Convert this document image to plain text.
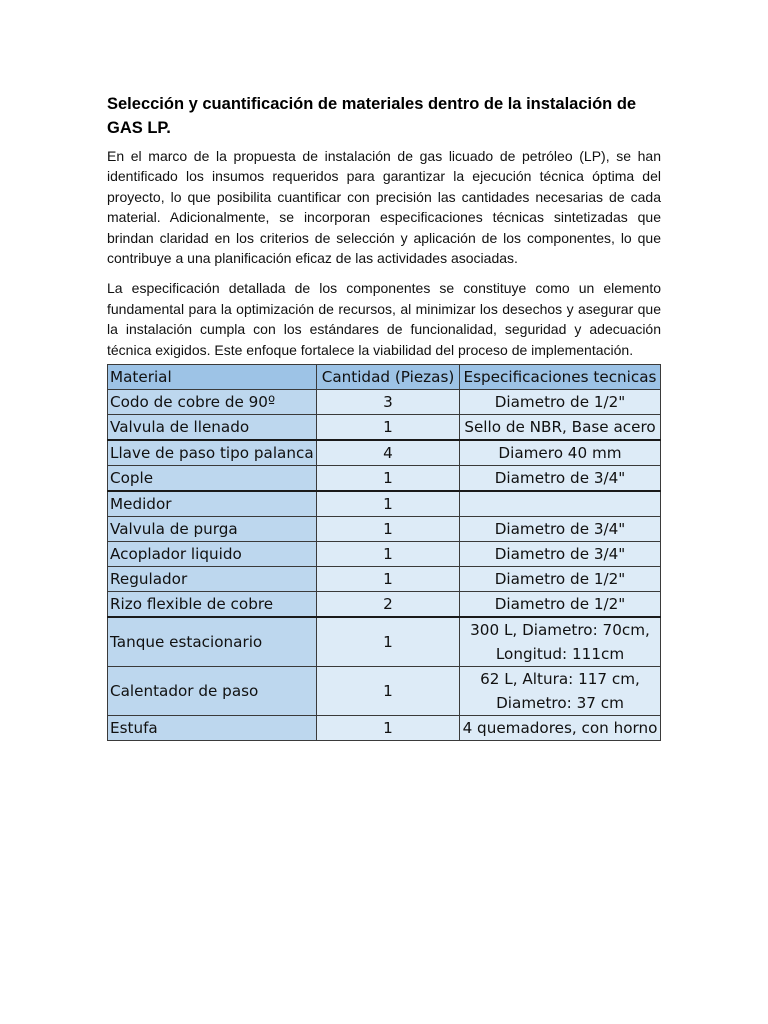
Selección y cuantificación de materiales dentro de la instalación de GAS LP.

En el marco de la propuesta de instalación de gas licuado de petróleo (LP), se han identificado los insumos requeridos para garantizar la ejecución técnica óptima del proyecto, lo que posibilita cuantificar con precisión las cantidades necesarias de cada material. Adicionalmente, se incorporan especificaciones técnicas sintetizadas que brindan claridad en los criterios de selección y aplicación de los componentes, lo que contribuye a una planificación eficaz de las actividades asociadas.

La especificación detallada de los componentes se constituye como un elemento fundamental para la optimización de recursos, al minimizar los desechos y asegurar que la instalación cumpla con los estándares de funcionalidad, seguridad y adecuación técnica exigidos. Este enfoque fortalece la viabilidad del proceso de implementación.

Material	Cantidad (Piezas)	Especificaciones tecnicas
Codo de cobre de 90º	3	Diametro de 1/2"
Valvula de llenado	1	Sello de NBR, Base acero
Llave de paso tipo palanca	4	Diamero 40 mm
Cople	1	Diametro de 3/4"
Medidor	1	
Valvula de purga	1	Diametro de 3/4"
Acoplador liquido	1	Diametro de 3/4"
Regulador	1	Diametro de 1/2"
Rizo flexible de cobre	2	Diametro de 1/2"
Tanque estacionario	1	300 L, Diametro: 70cm, Longitud: 111cm
Calentador de paso	1	62 L, Altura: 117 cm, Diametro: 37 cm
Estufa	1	4 quemadores, con horno
